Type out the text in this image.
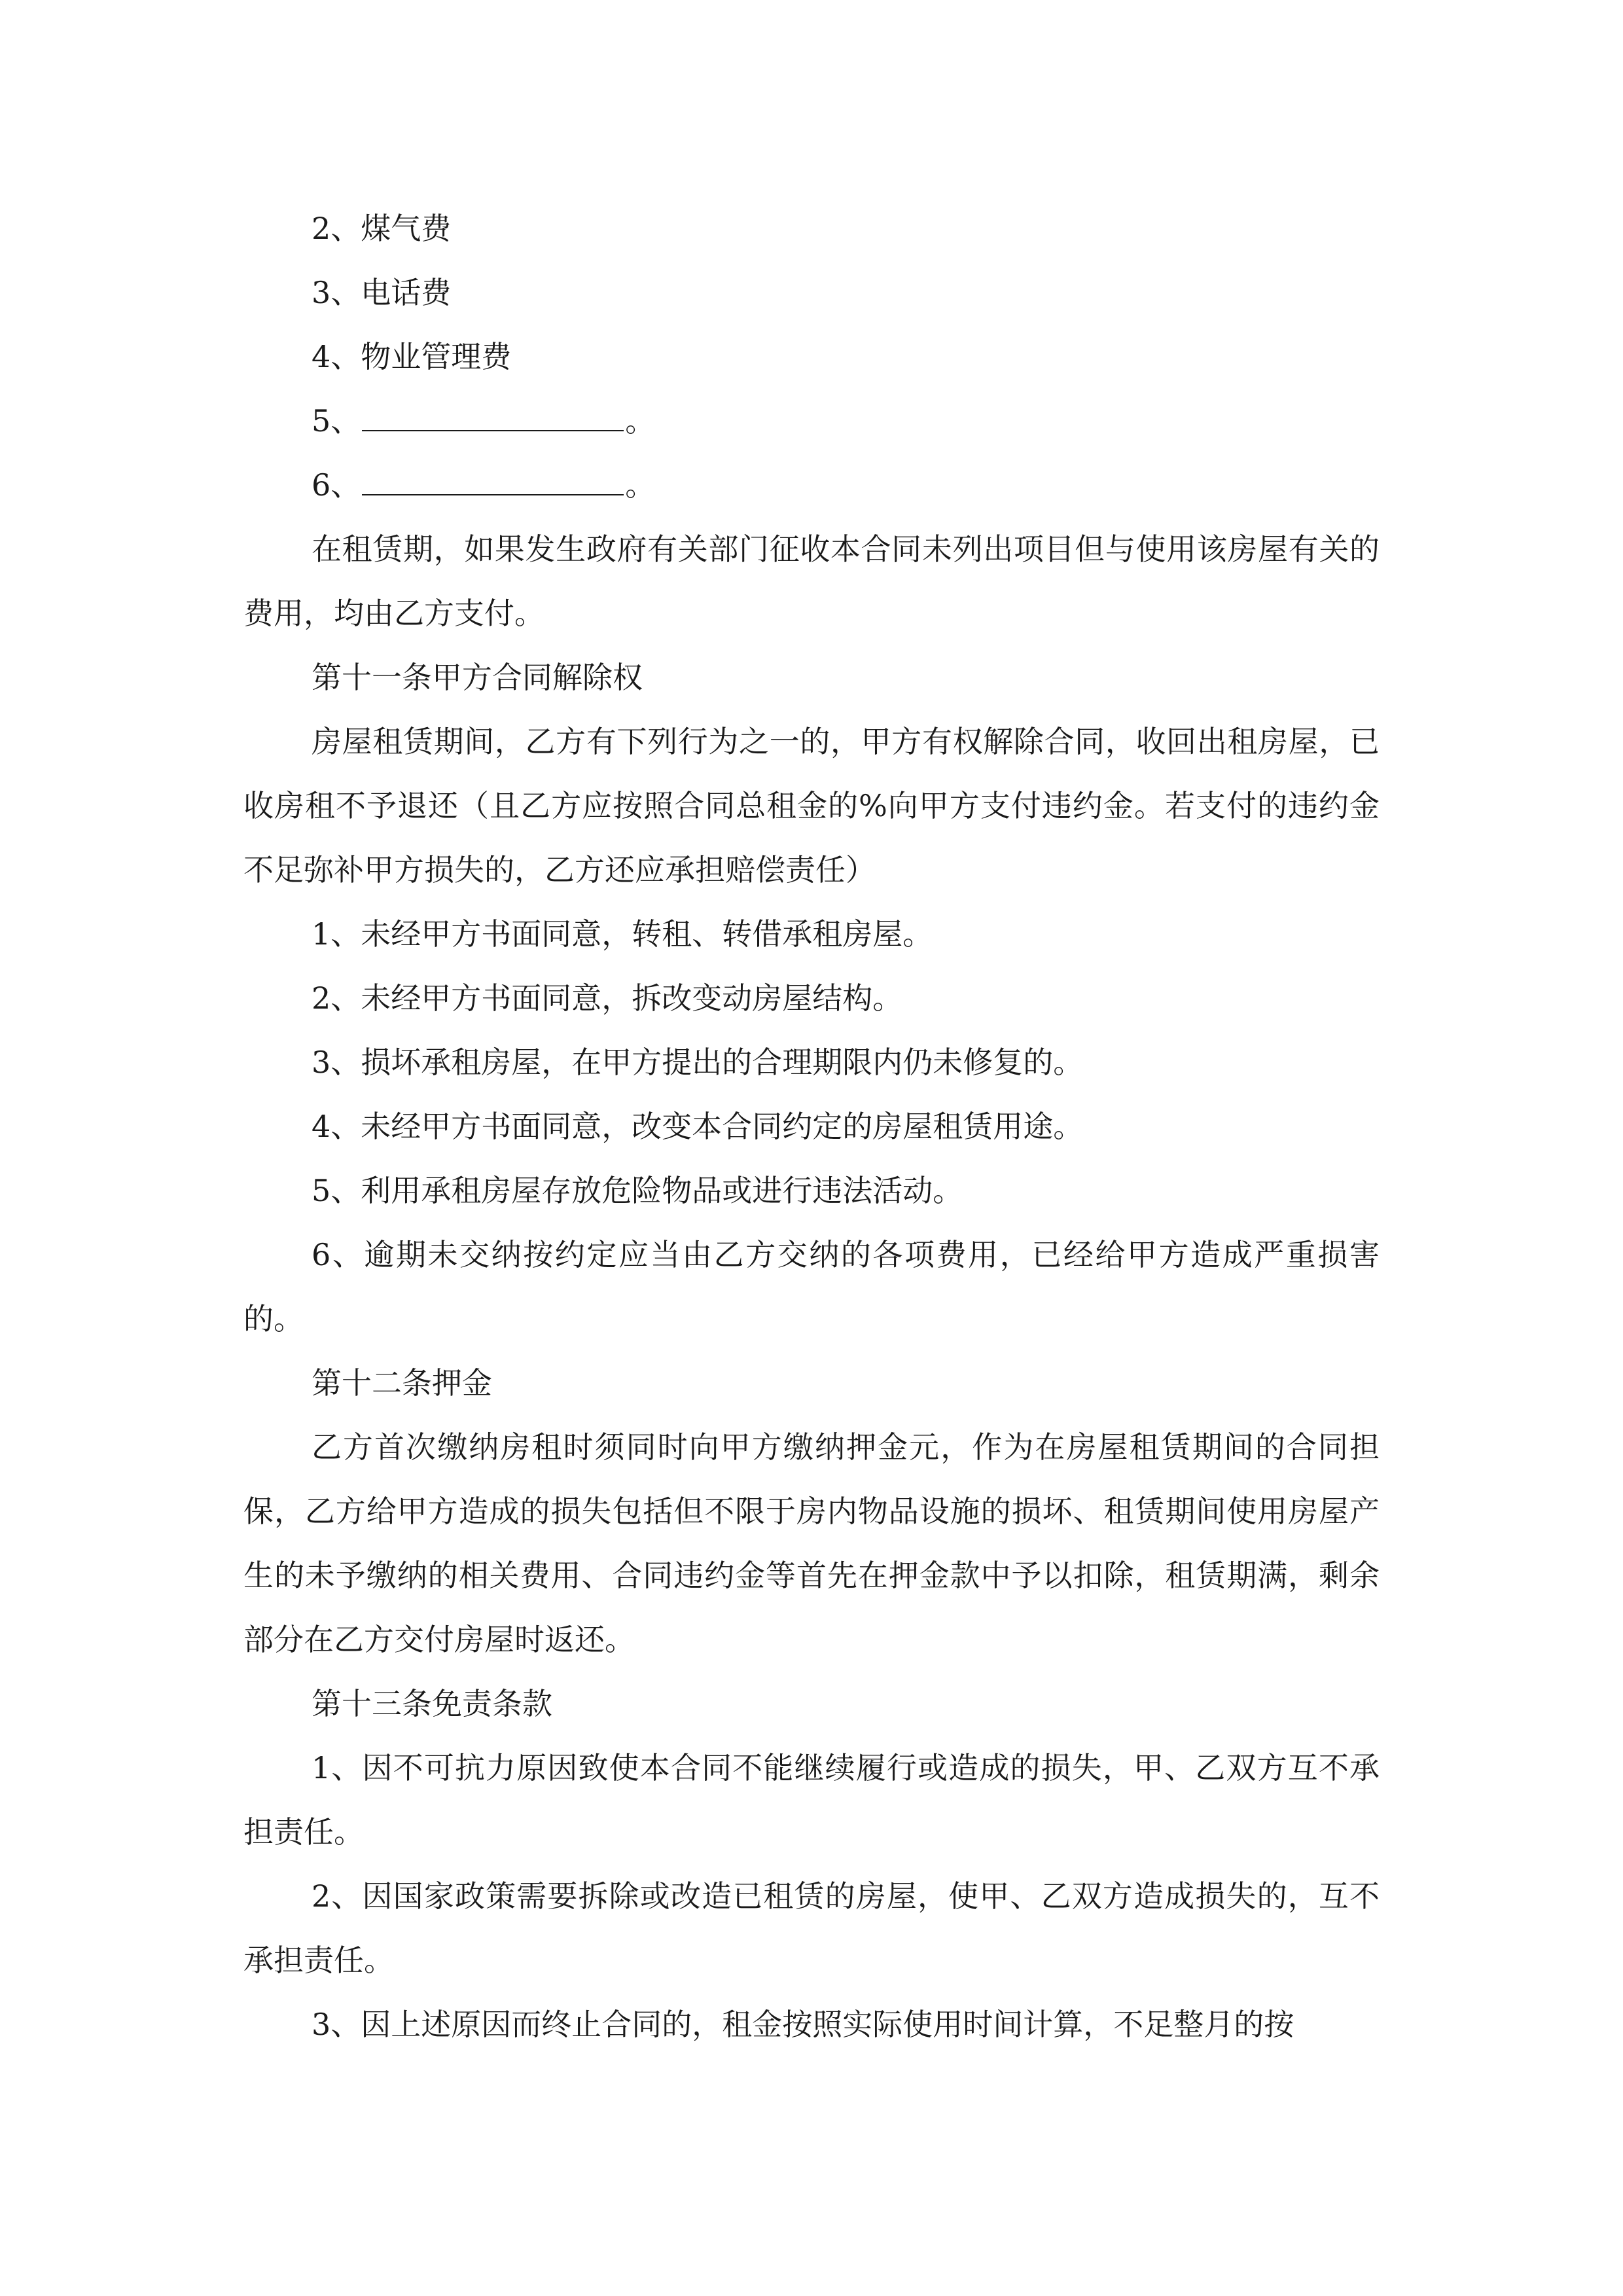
2、煤气费

3、电话费

4、物业管理费

5、	。

6、	。

在租赁期，如果发生政府有关部门征收本合同未列出项目但与使用该房屋有关的费用，均由乙方支付。

第十一条甲方合同解除权

房屋租赁期间，乙方有下列行为之一的，甲方有权解除合同，收回出租房屋，已收房租不予退还（且乙方应按照合同总租金的%向甲方支付违约金。若支付的违约金不足弥补甲方损失的，乙方还应承担赔偿责任）

1、未经甲方书面同意，转租、转借承租房屋。

2、未经甲方书面同意，拆改变动房屋结构。

3、损坏承租房屋，在甲方提出的合理期限内仍未修复的。

4、未经甲方书面同意，改变本合同约定的房屋租赁用途。

5、利用承租房屋存放危险物品或进行违法活动。

6、逾期未交纳按约定应当由乙方交纳的各项费用，已经给甲方造成严重损害的。

第十二条押金

乙方首次缴纳房租时须同时向甲方缴纳押金元，作为在房屋租赁期间的合同担保，乙方给甲方造成的损失包括但不限于房内物品设施的损坏、租赁期间使用房屋产生的未予缴纳的相关费用、合同违约金等首先在押金款中予以扣除，租赁期满，剩余部分在乙方交付房屋时返还。

第十三条免责条款

1、因不可抗力原因致使本合同不能继续履行或造成的损失，甲、乙双方互不承担责任。

2、因国家政策需要拆除或改造已租赁的房屋，使甲、乙双方造成损失的，互不承担责任。

3、因上述原因而终止合同的，租金按照实际使用时间计算，不足整月的按
